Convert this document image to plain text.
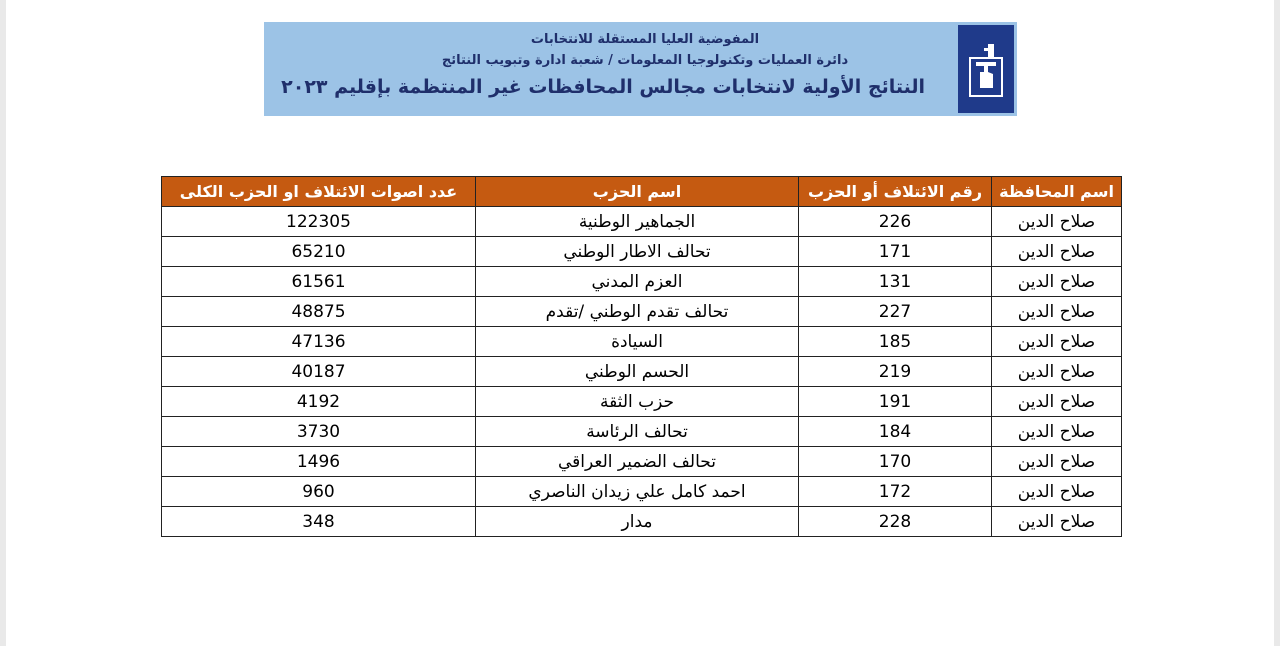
المفوضية العليا المستقلة للانتخابات
دائرة العمليات وتكنولوجيا المعلومات / شعبة ادارة وتبويب النتائج
النتائج الأولية لانتخابات مجالس المحافظات غير المنتظمة بإقليم ٢٠٢٣
اسم المحافظة	رقم الائتلاف أو الحزب	اسم الحزب	عدد اصوات الائتلاف او الحزب الكلى
صلاح الدين	226	الجماهير الوطنية	122305
صلاح الدين	171	تحالف الاطار الوطني	65210
صلاح الدين	131	العزم المدني	61561
صلاح الدين	227	تحالف تقدم الوطني /تقدم	48875
صلاح الدين	185	السيادة	47136
صلاح الدين	219	الحسم الوطني	40187
صلاح الدين	191	حزب الثقة	4192
صلاح الدين	184	تحالف الرئاسة	3730
صلاح الدين	170	تحالف الضمير العراقي	1496
صلاح الدين	172	احمد كامل علي زيدان الناصري	960
صلاح الدين	228	مدار	348
